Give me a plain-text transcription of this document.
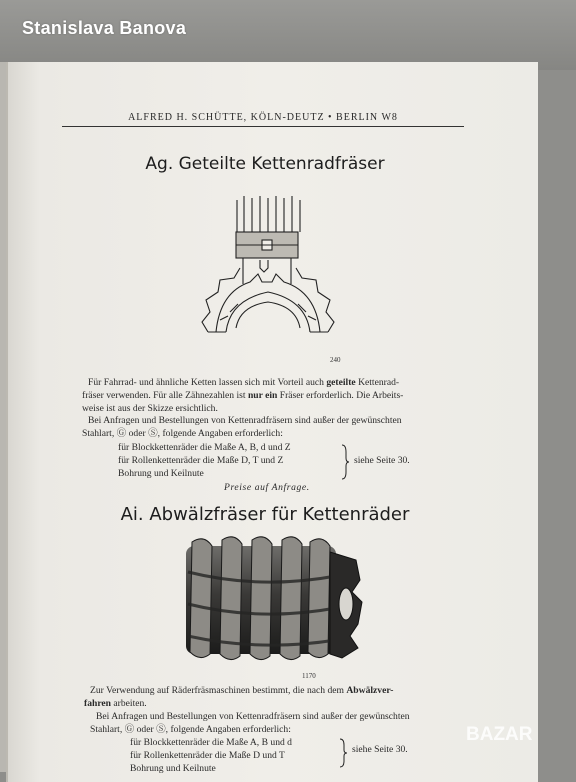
Stanislava Banova
ALFRED H. SCHÜTTE, KÖLN-DEUTZ • BERLIN W8
Ag. Geteilte Kettenradfräser
240
Für Fahrrad- und ähnliche Ketten lassen sich mit Vorteil auch geteilte Kettenrad-
fräser verwenden. Für alle Zähnezahlen ist nur ein Fräser erforderlich. Die Arbeits-
weise ist aus der Skizze ersichtlich.
Bei Anfragen und Bestellungen von Kettenradfräsern sind außer der gewünschten
Stahlart, Ⓖ oder Ⓢ, folgende Angaben erforderlich:
für Blockkettenräder die Maße A, B, d und Z
für Rollenkettenräder die Maße D, T und Z
Bohrung und Keilnute
siehe Seite 30.
Preise auf Anfrage.
Ai. Abwälzfräser für Kettenräder
1170
Zur Verwendung auf Räderfräsmaschinen bestimmt, die nach dem Abwälzver-
fahren arbeiten.
Bei Anfragen und Bestellungen von Kettenradfräsern sind außer der gewünschten
Stahlart, Ⓖ oder Ⓢ, folgende Angaben erforderlich:
für Blockkettenräder die Maße A, B und d
für Rollenkettenräder die Maße D und T
Bohrung und Keilnute
siehe Seite 30.
BAZAR
